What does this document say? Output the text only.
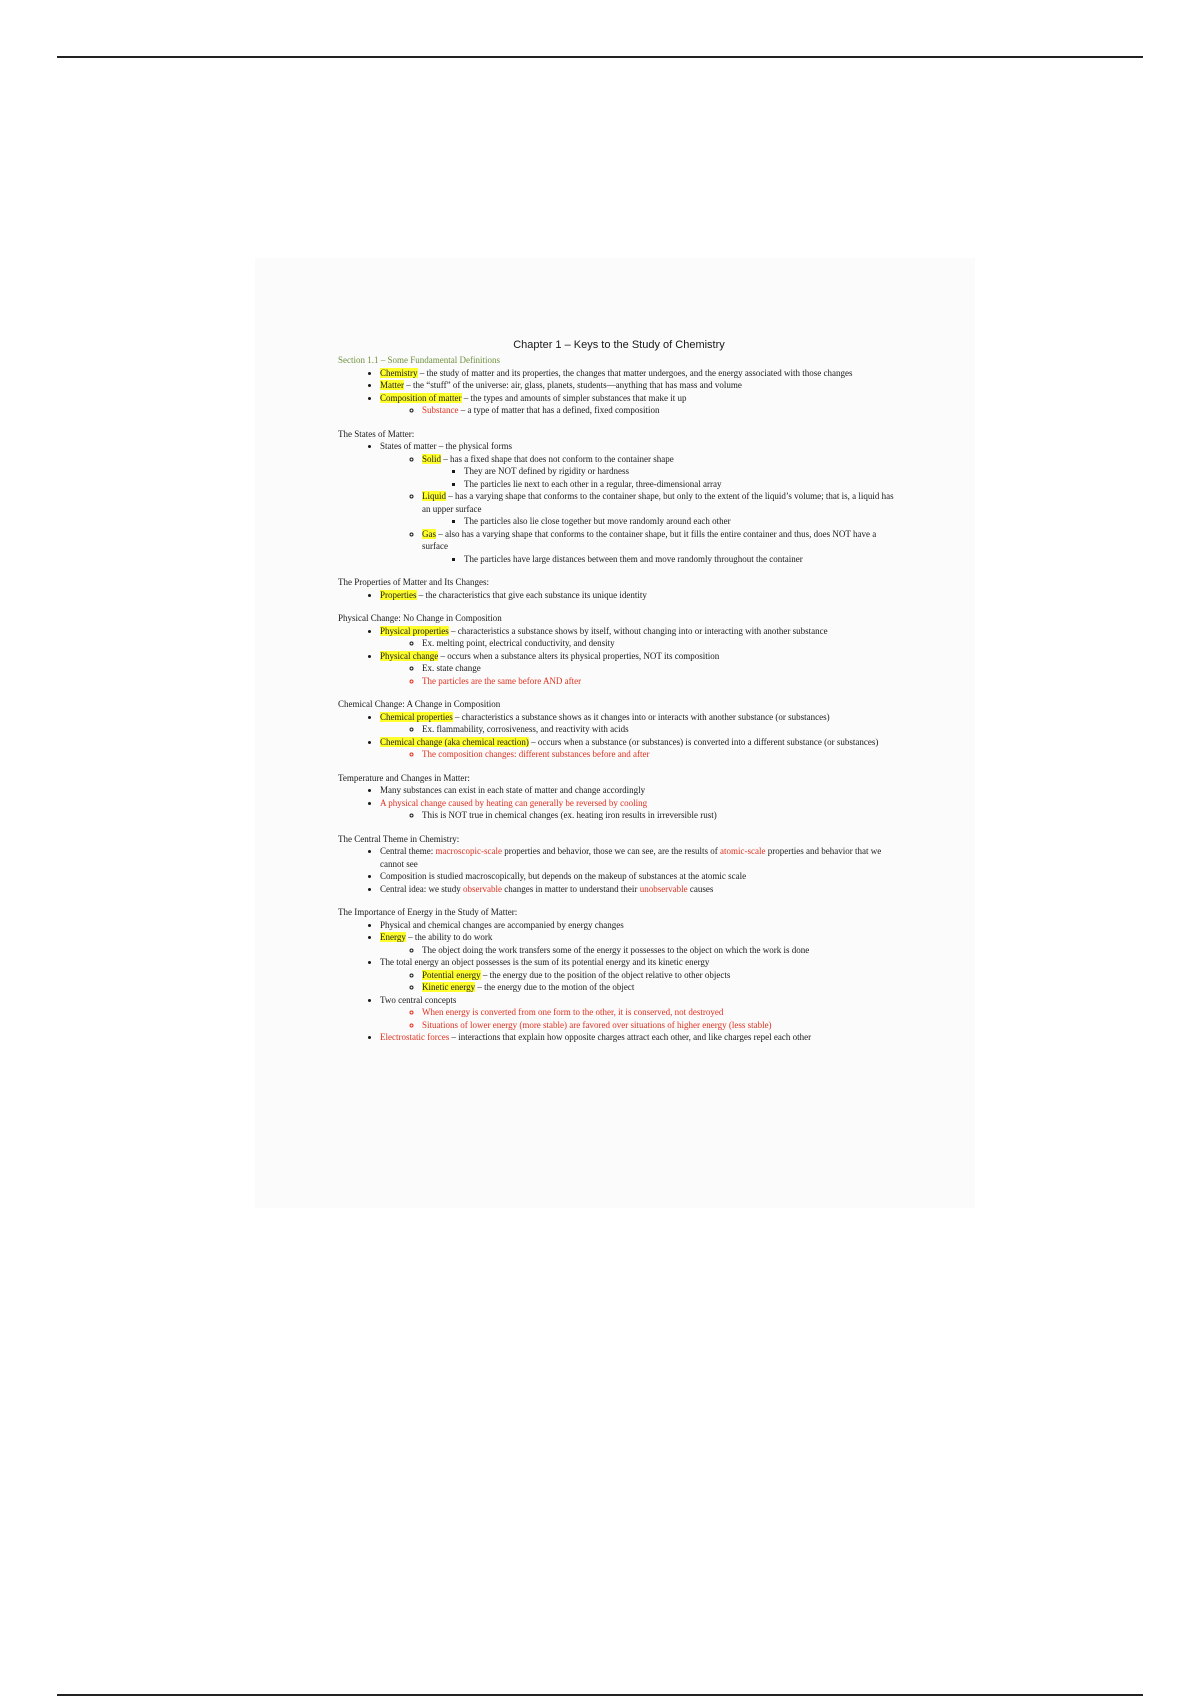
Chapter 1 – Keys to the Study of Chemistry
Section 1.1 – Some Fundamental Definitions
• Chemistry – the study of matter and its properties, the changes that matter undergoes, and the energy associated with those changes
• Matter – the “stuff” of the universe: air, glass, planets, students—anything that has mass and volume
• Composition of matter – the types and amounts of simpler substances that make it up
◦ Substance – a type of matter that has a defined, fixed composition
The States of Matter:
• States of matter – the physical forms
◦ Solid – has a fixed shape that does not conform to the container shape
▪ They are NOT defined by rigidity or hardness
▪ The particles lie next to each other in a regular, three-dimensional array
◦ Liquid – has a varying shape that conforms to the container shape, but only to the extent of the liquid’s volume; that is, a liquid has an upper surface
▪ The particles also lie close together but move randomly around each other
◦ Gas – also has a varying shape that conforms to the container shape, but it fills the entire container and thus, does NOT have a surface
▪ The particles have large distances between them and move randomly throughout the container
The Properties of Matter and Its Changes:
• Properties – the characteristics that give each substance its unique identity
Physical Change: No Change in Composition
• Physical properties – characteristics a substance shows by itself, without changing into or interacting with another substance
◦ Ex. melting point, electrical conductivity, and density
• Physical change – occurs when a substance alters its physical properties, NOT its composition
◦ Ex. state change
◦ The particles are the same before AND after
Chemical Change: A Change in Composition
• Chemical properties – characteristics a substance shows as it changes into or interacts with another substance (or substances)
◦ Ex. flammability, corrosiveness, and reactivity with acids
• Chemical change (aka chemical reaction) – occurs when a substance (or substances) is converted into a different substance (or substances)
◦ The composition changes: different substances before and after
Temperature and Changes in Matter:
• Many substances can exist in each state of matter and change accordingly
• A physical change caused by heating can generally be reversed by cooling
◦ This is NOT true in chemical changes (ex. heating iron results in irreversible rust)
The Central Theme in Chemistry:
• Central theme: macroscopic-scale properties and behavior, those we can see, are the results of atomic-scale properties and behavior that we cannot see
• Composition is studied macroscopically, but depends on the makeup of substances at the atomic scale
• Central idea: we study observable changes in matter to understand their unobservable causes
The Importance of Energy in the Study of Matter:
• Physical and chemical changes are accompanied by energy changes
• Energy – the ability to do work
◦ The object doing the work transfers some of the energy it possesses to the object on which the work is done
• The total energy an object possesses is the sum of its potential energy and its kinetic energy
◦ Potential energy – the energy due to the position of the object relative to other objects
◦ Kinetic energy – the energy due to the motion of the object
• Two central concepts
◦ When energy is converted from one form to the other, it is conserved, not destroyed
◦ Situations of lower energy (more stable) are favored over situations of higher energy (less stable)
• Electrostatic forces – interactions that explain how opposite charges attract each other, and like charges repel each other
